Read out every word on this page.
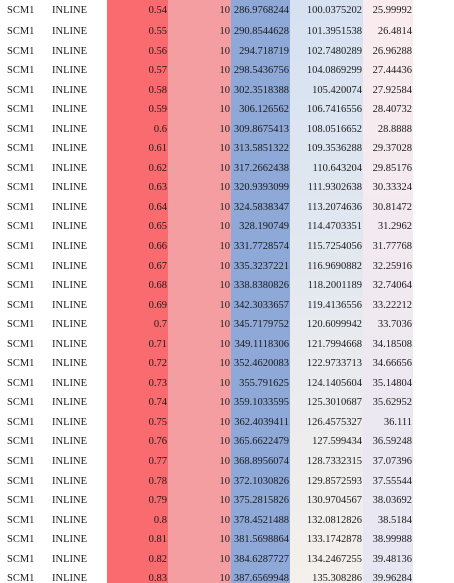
SCM1	INLINE	0.54	10	286.9768244	100.0375202	25.99992
SCM1	INLINE	0.55	10	290.8544628	101.3951538	26.4814
SCM1	INLINE	0.56	10	294.718719	102.7480289	26.96288
SCM1	INLINE	0.57	10	298.5436756	104.0869299	27.44436
SCM1	INLINE	0.58	10	302.3518388	105.420074	27.92584
SCM1	INLINE	0.59	10	306.126562	106.7416556	28.40732
SCM1	INLINE	0.6	10	309.8675413	108.0516652	28.8888
SCM1	INLINE	0.61	10	313.5851322	109.3536288	29.37028
SCM1	INLINE	0.62	10	317.2662438	110.643204	29.85176
SCM1	INLINE	0.63	10	320.9393099	111.9302638	30.33324
SCM1	INLINE	0.64	10	324.5838347	113.2074636	30.81472
SCM1	INLINE	0.65	10	328.190749	114.4703351	31.2962
SCM1	INLINE	0.66	10	331.7728574	115.7254056	31.77768
SCM1	INLINE	0.67	10	335.3237221	116.9690882	32.25916
SCM1	INLINE	0.68	10	338.8380826	118.2001189	32.74064
SCM1	INLINE	0.69	10	342.3033657	119.4136556	33.22212
SCM1	INLINE	0.7	10	345.7179752	120.6099942	33.7036
SCM1	INLINE	0.71	10	349.1118306	121.7994668	34.18508
SCM1	INLINE	0.72	10	352.4620083	122.9733713	34.66656
SCM1	INLINE	0.73	10	355.791625	124.1405604	35.14804
SCM1	INLINE	0.74	10	359.1033595	125.3010687	35.62952
SCM1	INLINE	0.75	10	362.4039411	126.4575327	36.111
SCM1	INLINE	0.76	10	365.6622479	127.599434	36.59248
SCM1	INLINE	0.77	10	368.8956074	128.7332315	37.07396
SCM1	INLINE	0.78	10	372.1030826	129.8572593	37.55544
SCM1	INLINE	0.79	10	375.2815826	130.9704567	38.03692
SCM1	INLINE	0.8	10	378.4521488	132.0812826	38.5184
SCM1	INLINE	0.81	10	381.5698864	133.1742878	38.99988
SCM1	INLINE	0.82	10	384.6287727	134.2467255	39.48136
SCM1	INLINE	0.83	10	387.6569948	135.308286	39.96284
